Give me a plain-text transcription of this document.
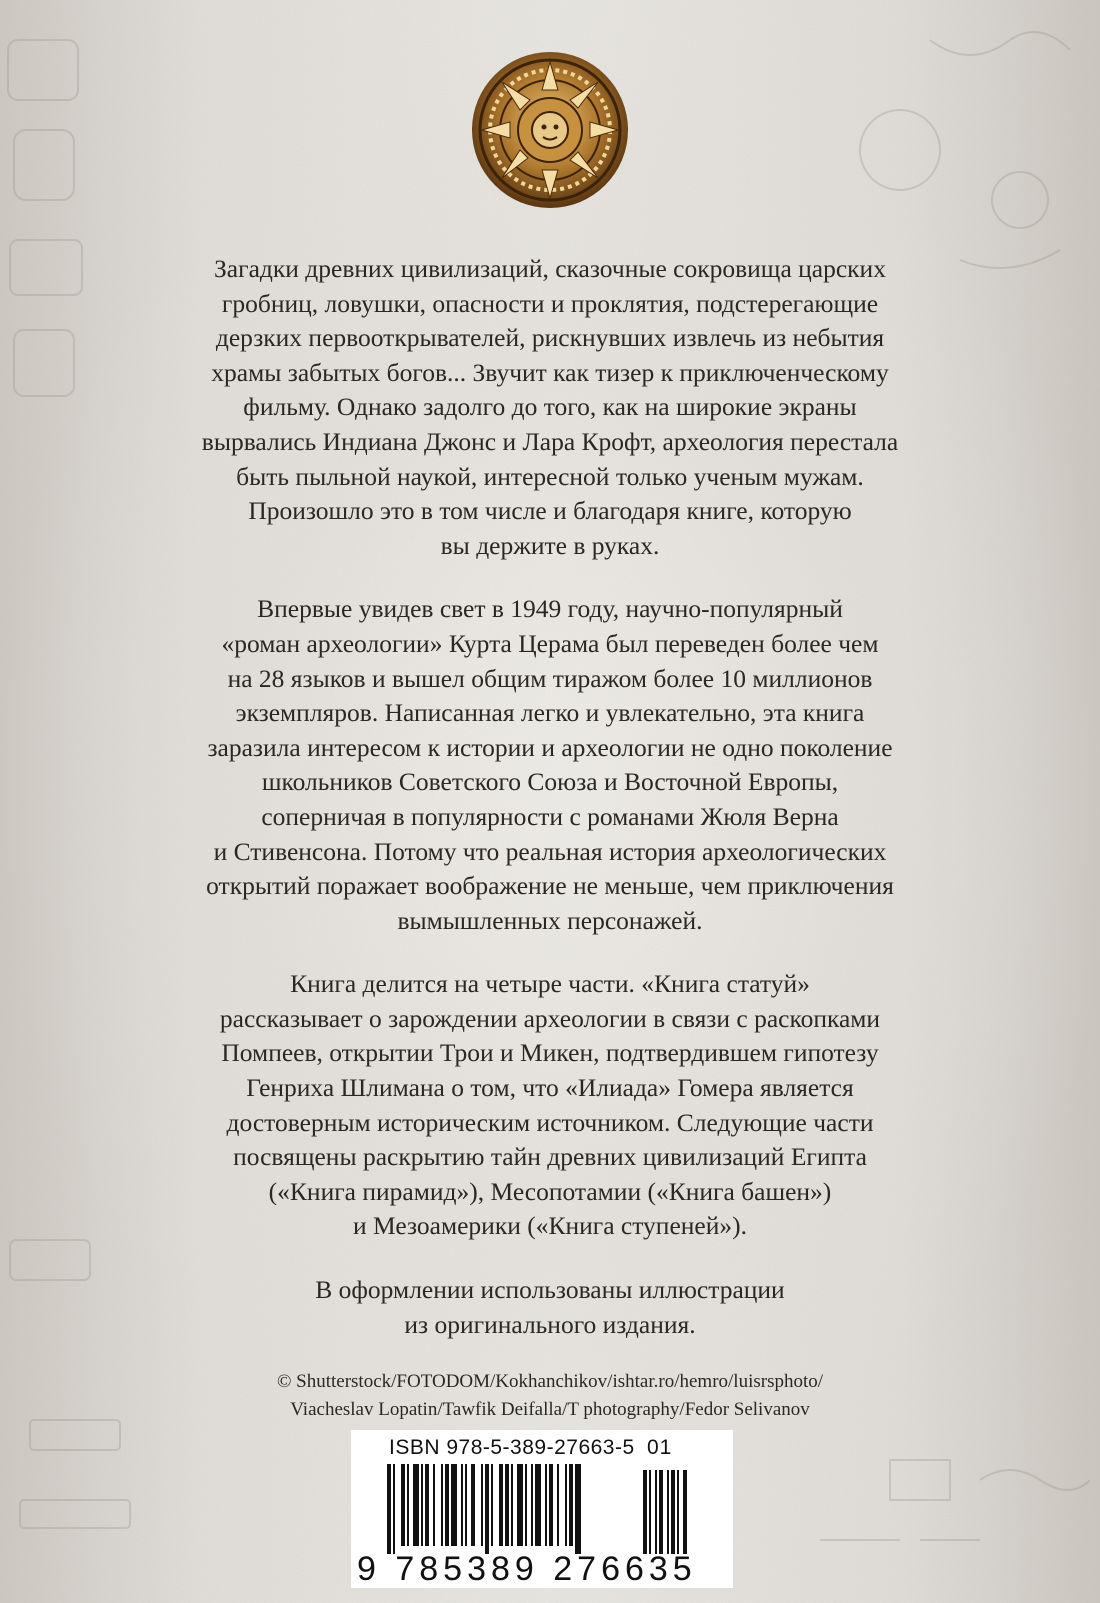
Загадки древних цивилизаций, сказочные сокровища царских
гробниц, ловушки, опасности и проклятия, подстерегающие
дерзких первооткрывателей, рискнувших извлечь из небытия
храмы забытых богов... Звучит как тизер к приключенческому
фильму. Однако задолго до того, как на широкие экраны
вырвались Индиана Джонс и Лара Крофт, археология перестала
быть пыльной наукой, интересной только ученым мужам.
Произошло это в том числе и благодаря книге, которую
вы держите в руках.

Впервые увидев свет в 1949 году, научно-популярный
«роман археологии» Курта Церама был переведен более чем
на 28 языков и вышел общим тиражом более 10 миллионов
экземпляров. Написанная легко и увлекательно, эта книга
заразила интересом к истории и археологии не одно поколение
школьников Советского Союза и Восточной Европы,
соперничая в популярности с романами Жюля Верна
и Стивенсона. Потому что реальная история археологических
открытий поражает воображение не меньше, чем приключения
вымышленных персонажей.

Книга делится на четыре части. «Книга статуй»
рассказывает о зарождении археологии в связи с раскопками
Помпеев, открытии Трои и Микен, подтвердившем гипотезу
Генриха Шлимана о том, что «Илиада» Гомера является
достоверным историческим источником. Следующие части
посвящены раскрытию тайн древних цивилизаций Египта
(«Книга пирамид»), Месопотамии («Книга башен»)
и Мезоамерики («Книга ступеней»).

В оформлении использованы иллюстрации
из оригинального издания.

© Shutterstock/FOTODOM/Kokhanchikov/ishtar.ro/hemro/luisrsphoto/
Viacheslav Lopatin/Tawfik Deifalla/T photography/Fedor Selivanov
ISBN 978-5-389-27663-5 01
9 785389 276635
